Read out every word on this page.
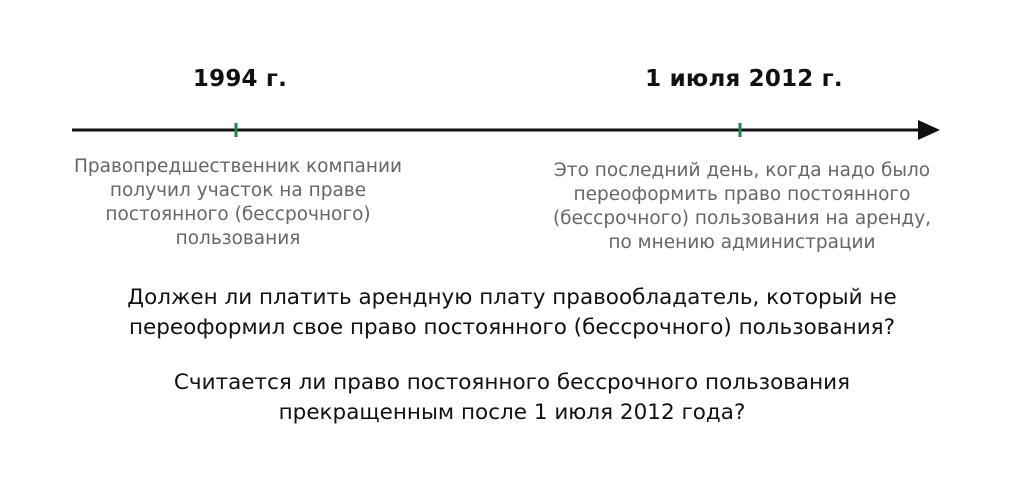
1994 г.	1 июля 2012 г.
Правопредшественник компании
получил участок на праве
постоянного (бессрочного)
пользования
Это последний день, когда надо было
переоформить право постоянного
(бессрочного) пользования на аренду,
по мнению администрации
Должен ли платить арендную плату правообладатель, который не
переоформил свое право постоянного (бессрочного) пользования?
Считается ли право постоянного бессрочного пользования
прекращенным после 1 июля 2012 года?
